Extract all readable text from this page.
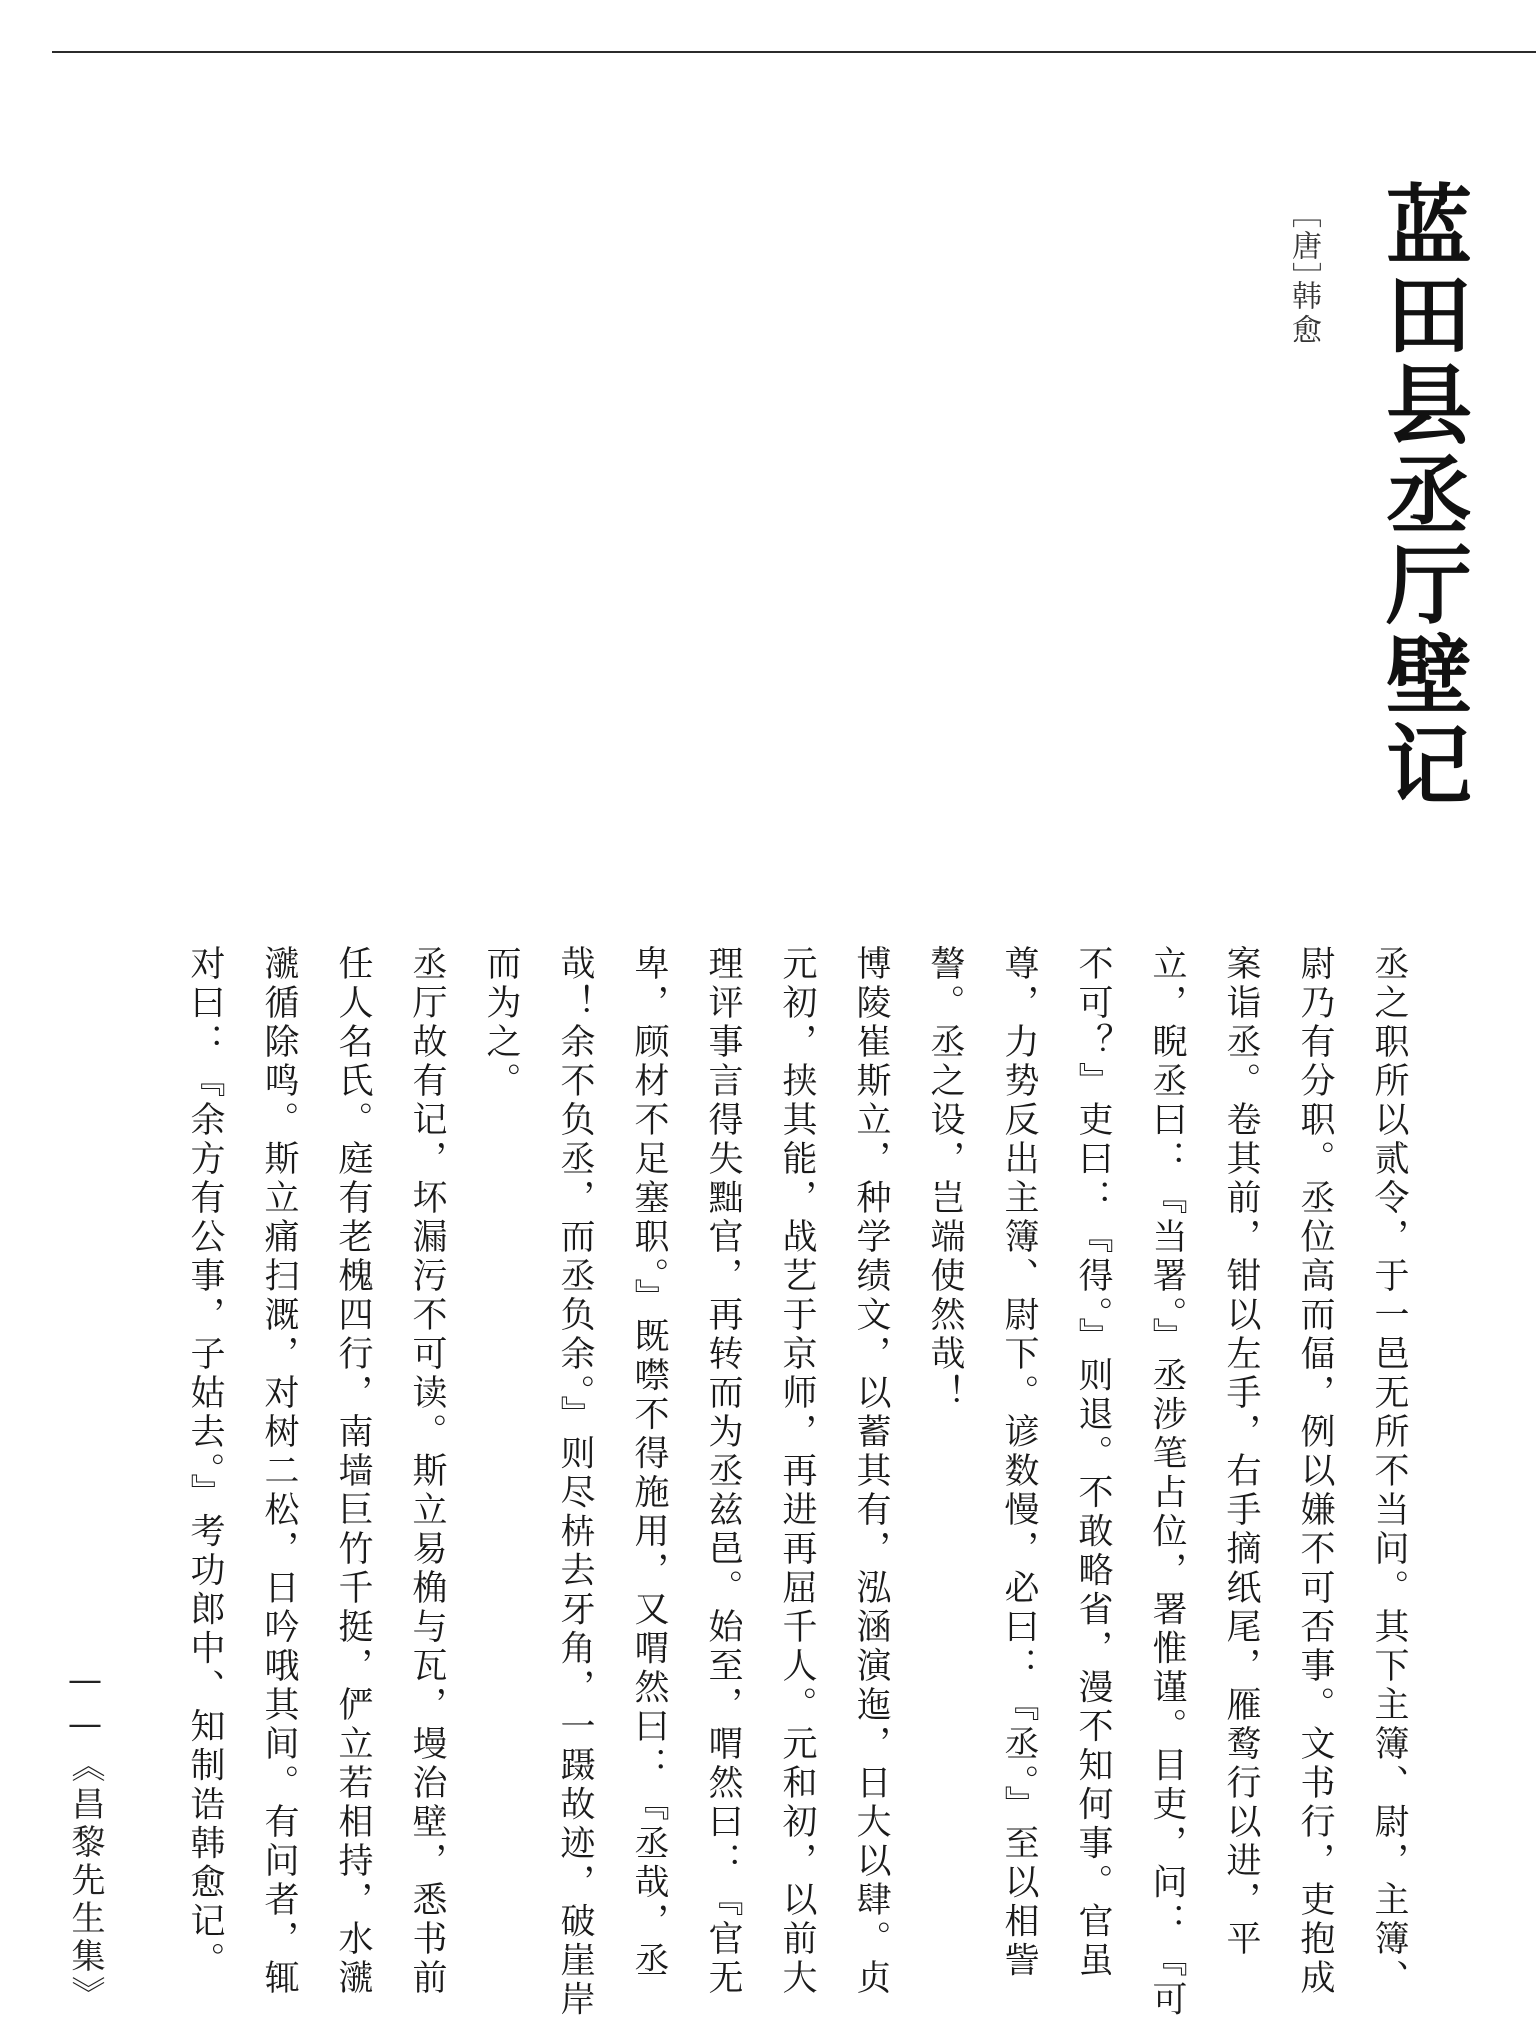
蓝田县丞厅壁记
［唐］
韩愈

丞之职所以贰令，于一邑无所不当问。其下主簿、尉，主簿、尉乃有分职。丞位高而偪，例以嫌不可否事。文书行，吏抱成案诣丞。卷其前，钳以左手，右手摘纸尾，雁鹜行以进，平立，睨丞曰：『当署。』丞涉笔占位，署惟谨。目吏，问：『可不可？』吏曰：『得。』则退。不敢略省，漫不知何事。官虽尊，力势反出主簿、尉下。谚数慢，必曰：『丞。』至以相訾謷。丞之设，岂端使然哉！

博陵崔斯立，种学绩文，以蓄其有，泓涵演迤，日大以肆。贞元初，挟其能，战艺于京师，再进再屈千人。元和初，以前大理评事言得失黜官，再转而为丞兹邑。始至，喟然曰：『官无卑，顾材不足塞职。』既噤不得施用，又喟然曰：『丞哉，丞哉！余不负丞，而丞负余。』则尽枿去牙角，一蹑故迹，破崖岸而为之。

丞厅故有记，坏漏污不可读。斯立易桷与瓦，墁治壁，悉书前任人名氏。庭有老槐四行，南墙巨竹千挺，俨立若相持，水㶁㶁循除鸣。斯立痛扫溉，对树二松，日吟哦其间。有问者，辄对曰：『余方有公事，子姑去。』考功郎中、知制诰韩愈记。

——《昌黎先生集》
